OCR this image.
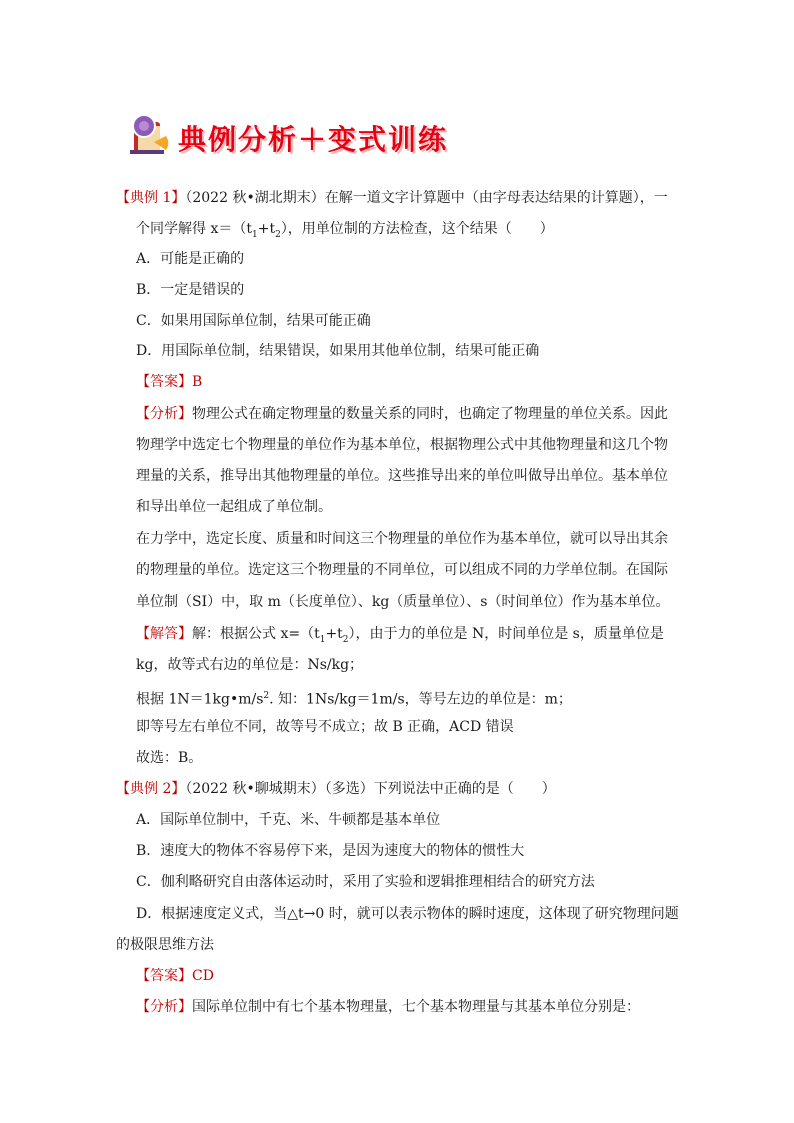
典例分析＋变式训练
【典例 1】（2022 秋•湖北期末）在解一道文字计算题中（由字母表达结果的计算题），一
个同学解得 $x=(t_1+t_2)$，用单位制的方法检查，这个结果（　　）
A．可能是正确的
B．一定是错误的
C．如果用国际单位制，结果可能正确
D．用国际单位制，结果错误，如果用其他单位制，结果可能正确
【答案】B
【分析】物理公式在确定物理量的数量关系的同时，也确定了物理量的单位关系。因此
物理学中选定七个物理量的单位作为基本单位，根据物理公式中其他物理量和这几个物
理量的关系，推导出其他物理量的单位。这些推导出来的单位叫做导出单位。基本单位
和导出单位一起组成了单位制。
在力学中，选定长度、质量和时间这三个物理量的单位作为基本单位，就可以导出其余
的物理量的单位。选定这三个物理量的不同单位，可以组成不同的力学单位制。在国际
单位制（SI）中，取 m（长度单位）、kg（质量单位）、s（时间单位）作为基本单位。
【解答】解：根据公式 $x=(t_1+t_2)$，由于力的单位是 N，时间单位是 s，质量单位是
kg，故等式右边的单位是：Ns/kg；
根据 $1N=1kg•m/s^2$. 知：1Ns/kg＝1m/s，等号左边的单位是：m；
即等号左右单位不同，故等号不成立；故 B 正确，ACD 错误
故选：B。
【典例 2】（2022 秋•聊城期末）（多选）下列说法中正确的是（　　）
A．国际单位制中，千克、米、牛顿都是基本单位
B．速度大的物体不容易停下来，是因为速度大的物体的惯性大
C．伽利略研究自由落体运动时，采用了实验和逻辑推理相结合的研究方法
D．根据速度定义式，当△t→0 时，就可以表示物体的瞬时速度，这体现了研究物理问题
的极限思维方法
【答案】CD
【分析】国际单位制中有七个基本物理量，七个基本物理量与其基本单位分别是：
